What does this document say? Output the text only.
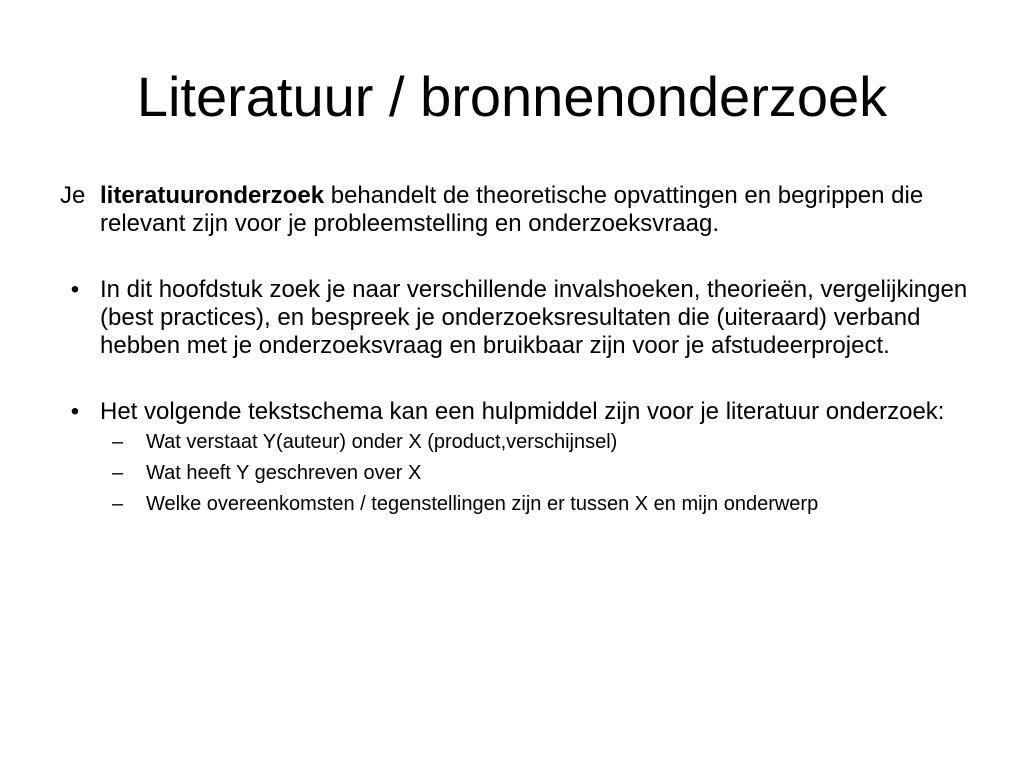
Literatuur / bronnenonderzoek

Je literatuuronderzoek behandelt de theoretische opvattingen en begrippen die relevant zijn voor je probleemstelling en onderzoeksvraag.

• In dit hoofdstuk zoek je naar verschillende invalshoeken, theorieën, vergelijkingen (best practices), en bespreek je onderzoeksresultaten die (uiteraard) verband hebben met je onderzoeksvraag en bruikbaar zijn voor je afstudeerproject.

• Het volgende tekstschema kan een hulpmiddel zijn voor je literatuur onderzoek:

– Wat verstaat Y(auteur) onder X (product,verschijnsel)
– Wat heeft Y geschreven over X
– Welke overeenkomsten / tegenstellingen zijn er tussen X en mijn onderwerp
